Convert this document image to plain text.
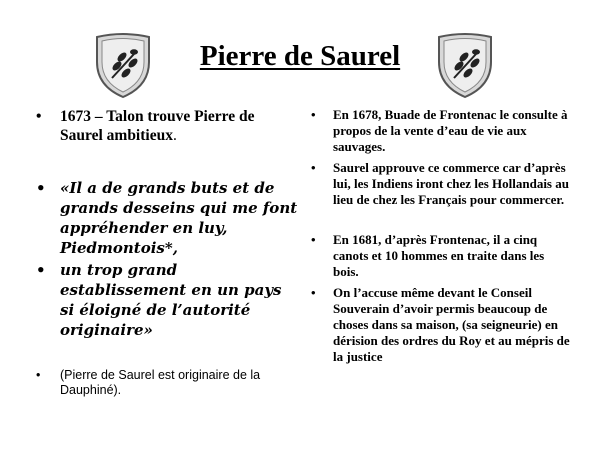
Pierre de Saurel
• 1673 – Talon trouve Pierre de Saurel ambitieux.
• «Il a de grands buts et de grands desseins qui me font appréhender en luy, Piedmontois*,
• un trop grand establissement en un pays si éloigné de l’autorité originaire»
• (Pierre de Saurel est originaire de la Dauphiné).
• En 1678, Buade de Frontenac le consulte à propos de la vente d’eau de vie aux sauvages.
• Saurel approuve ce commerce car d’après lui, les Indiens iront chez les Hollandais au lieu de chez les Français pour commercer.
• En 1681, d’après Frontenac, il a cinq canots et 10 hommes en traite dans les bois.
• On l’accuse même devant le Conseil Souverain d’avoir permis beaucoup de choses dans sa maison, (sa seigneurie) en dérision des ordres du Roy et au mépris de la justice
